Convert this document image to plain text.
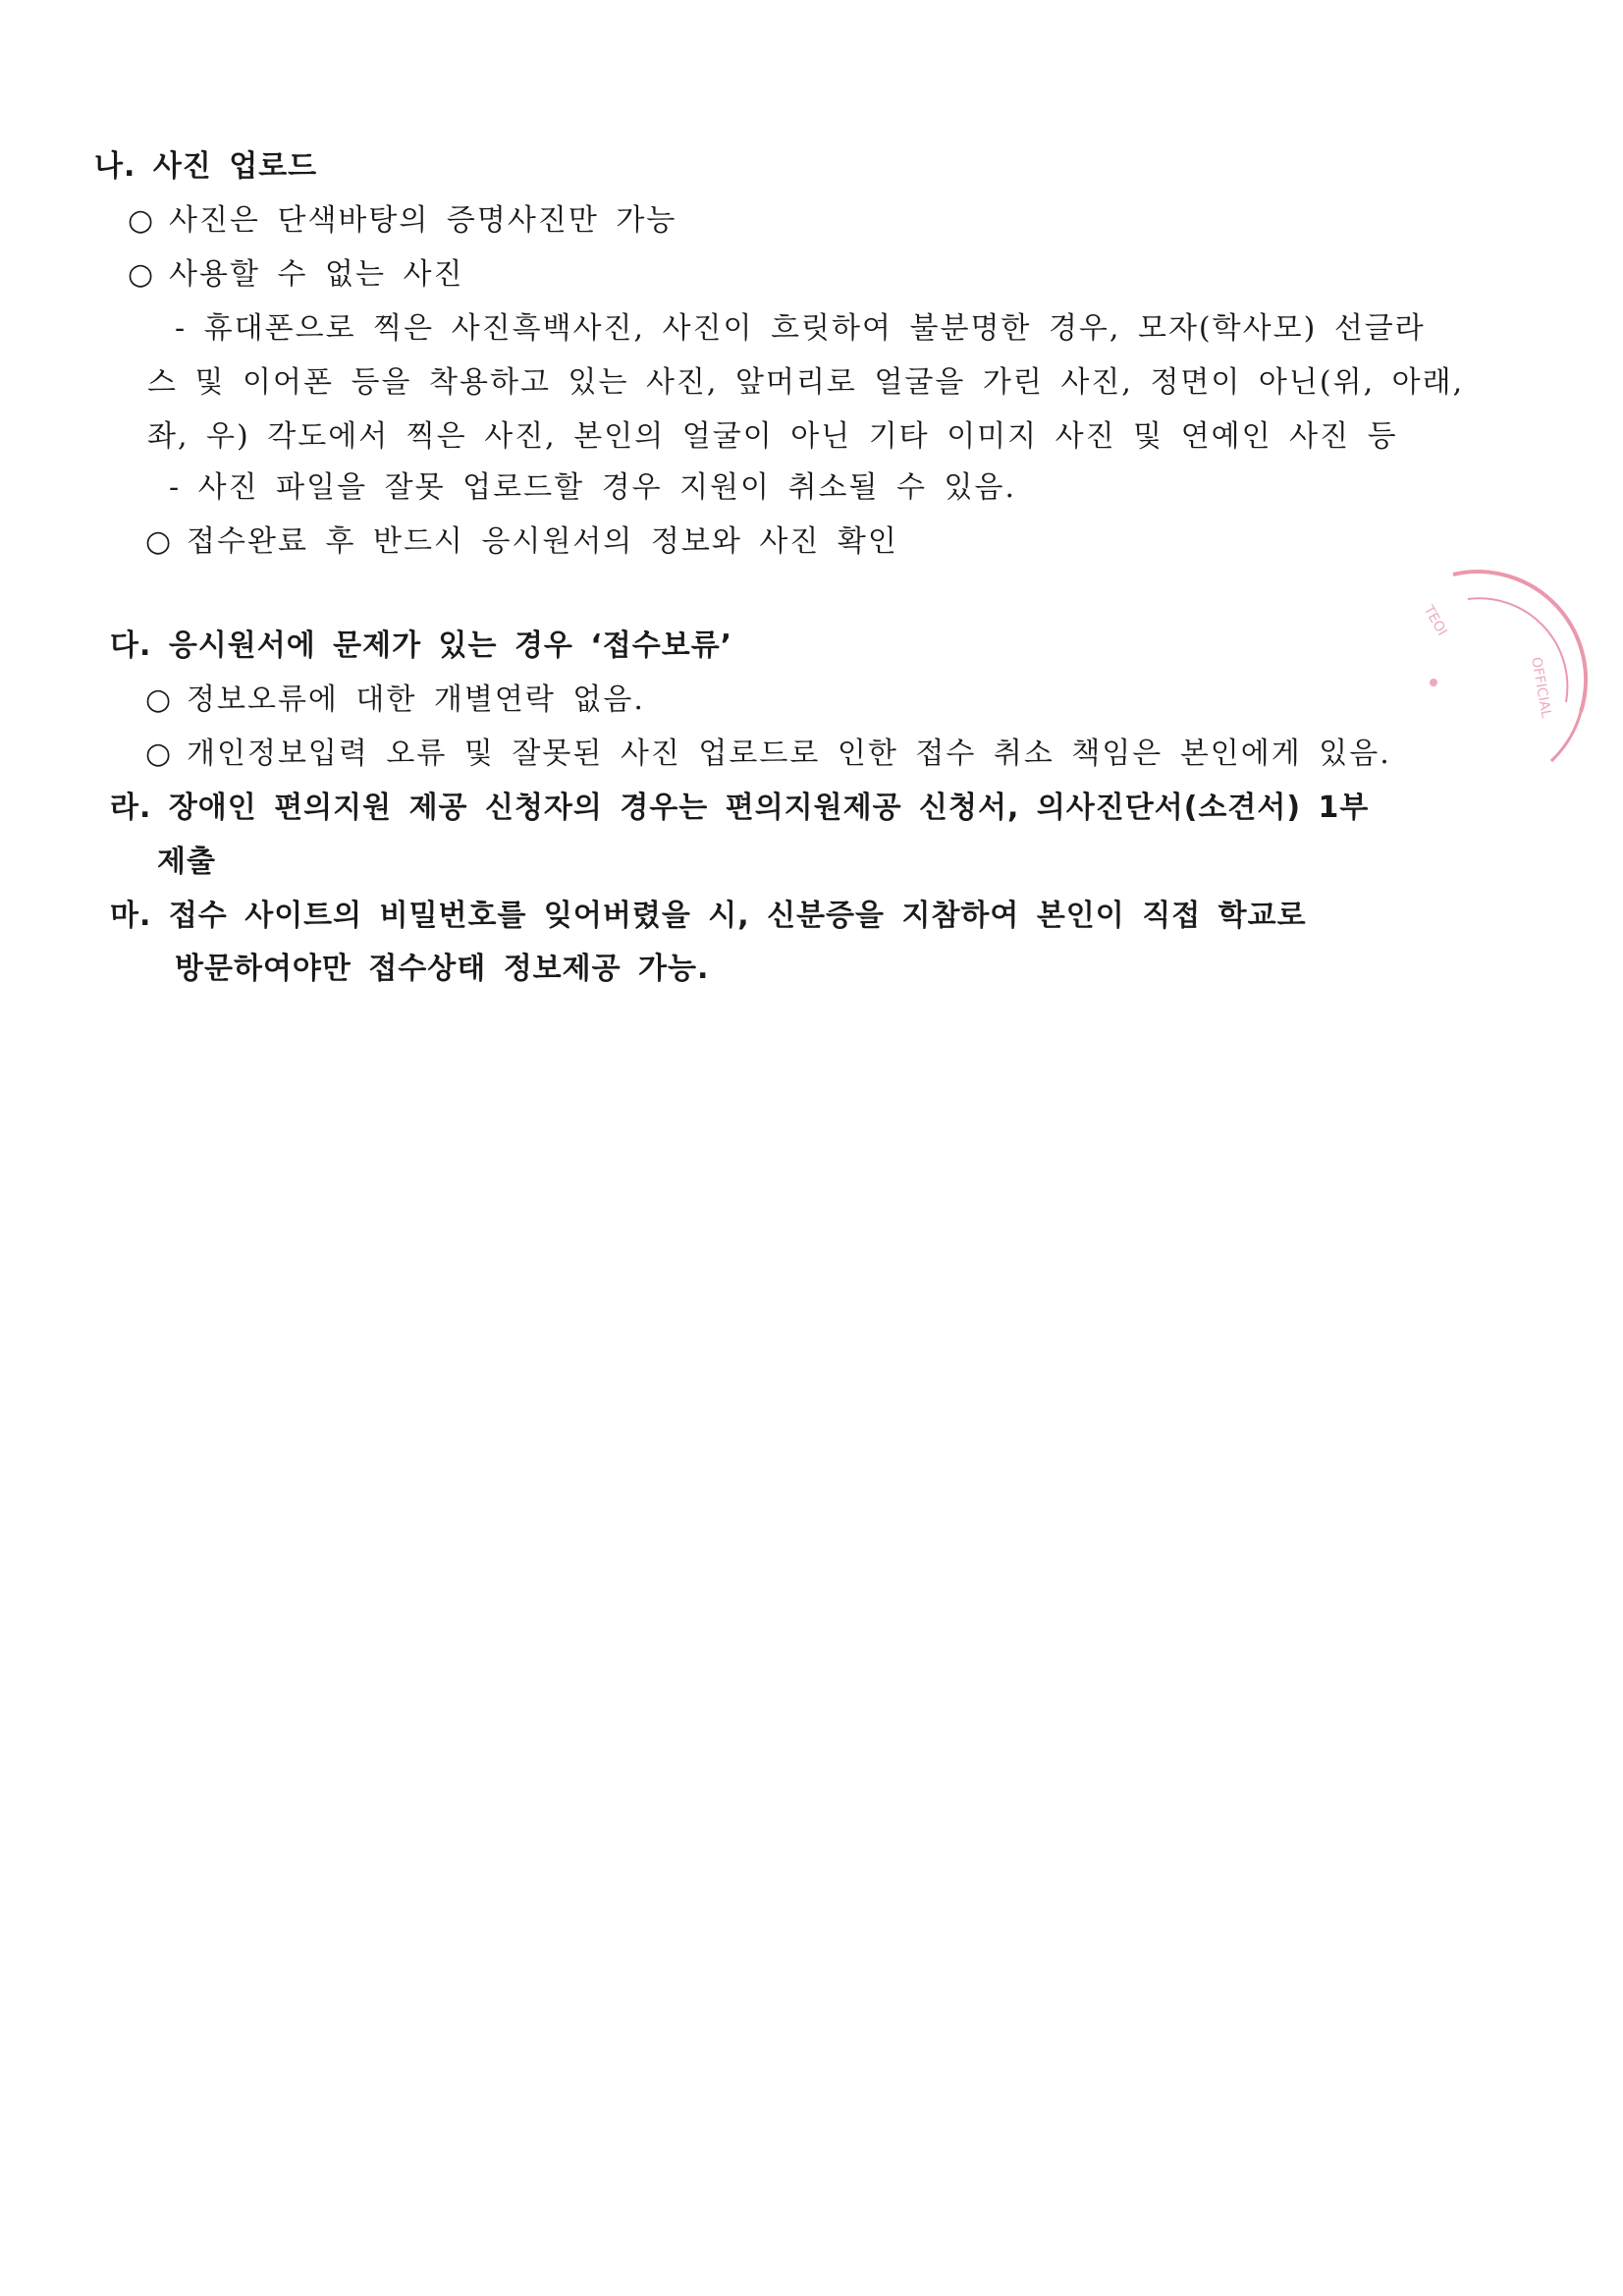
나. 사진 업로드
○ 사진은 단색바탕의 증명사진만 가능
○ 사용할 수 없는 사진
- 휴대폰으로 찍은 사진흑백사진, 사진이 흐릿하여 불분명한 경우, 모자(학사모) 선글라
스 및 이어폰 등을 착용하고 있는 사진, 앞머리로 얼굴을 가린 사진, 정면이 아닌(위, 아래,
좌, 우) 각도에서 찍은 사진, 본인의 얼굴이 아닌 기타 이미지 사진 및 연예인 사진 등
- 사진 파일을 잘못 업로드할 경우 지원이 취소될 수 있음.
○ 접수완료 후 반드시 응시원서의 정보와 사진 확인
다. 응시원서에 문제가 있는 경우 ‘접수보류’
○ 정보오류에 대한 개별연락 없음.
○ 개인정보입력 오류 및 잘못된 사진 업로드로 인한 접수 취소 책임은 본인에게 있음.
라. 장애인 편의지원 제공 신청자의 경우는 편의지원제공 신청서, 의사진단서(소견서) 1부
제출
마. 접수 사이트의 비밀번호를 잊어버렸을 시, 신분증을 지참하여 본인이 직접 학교로
방문하여야만 접수상태 정보제공 가능.
TEOI
OFFICIAL
